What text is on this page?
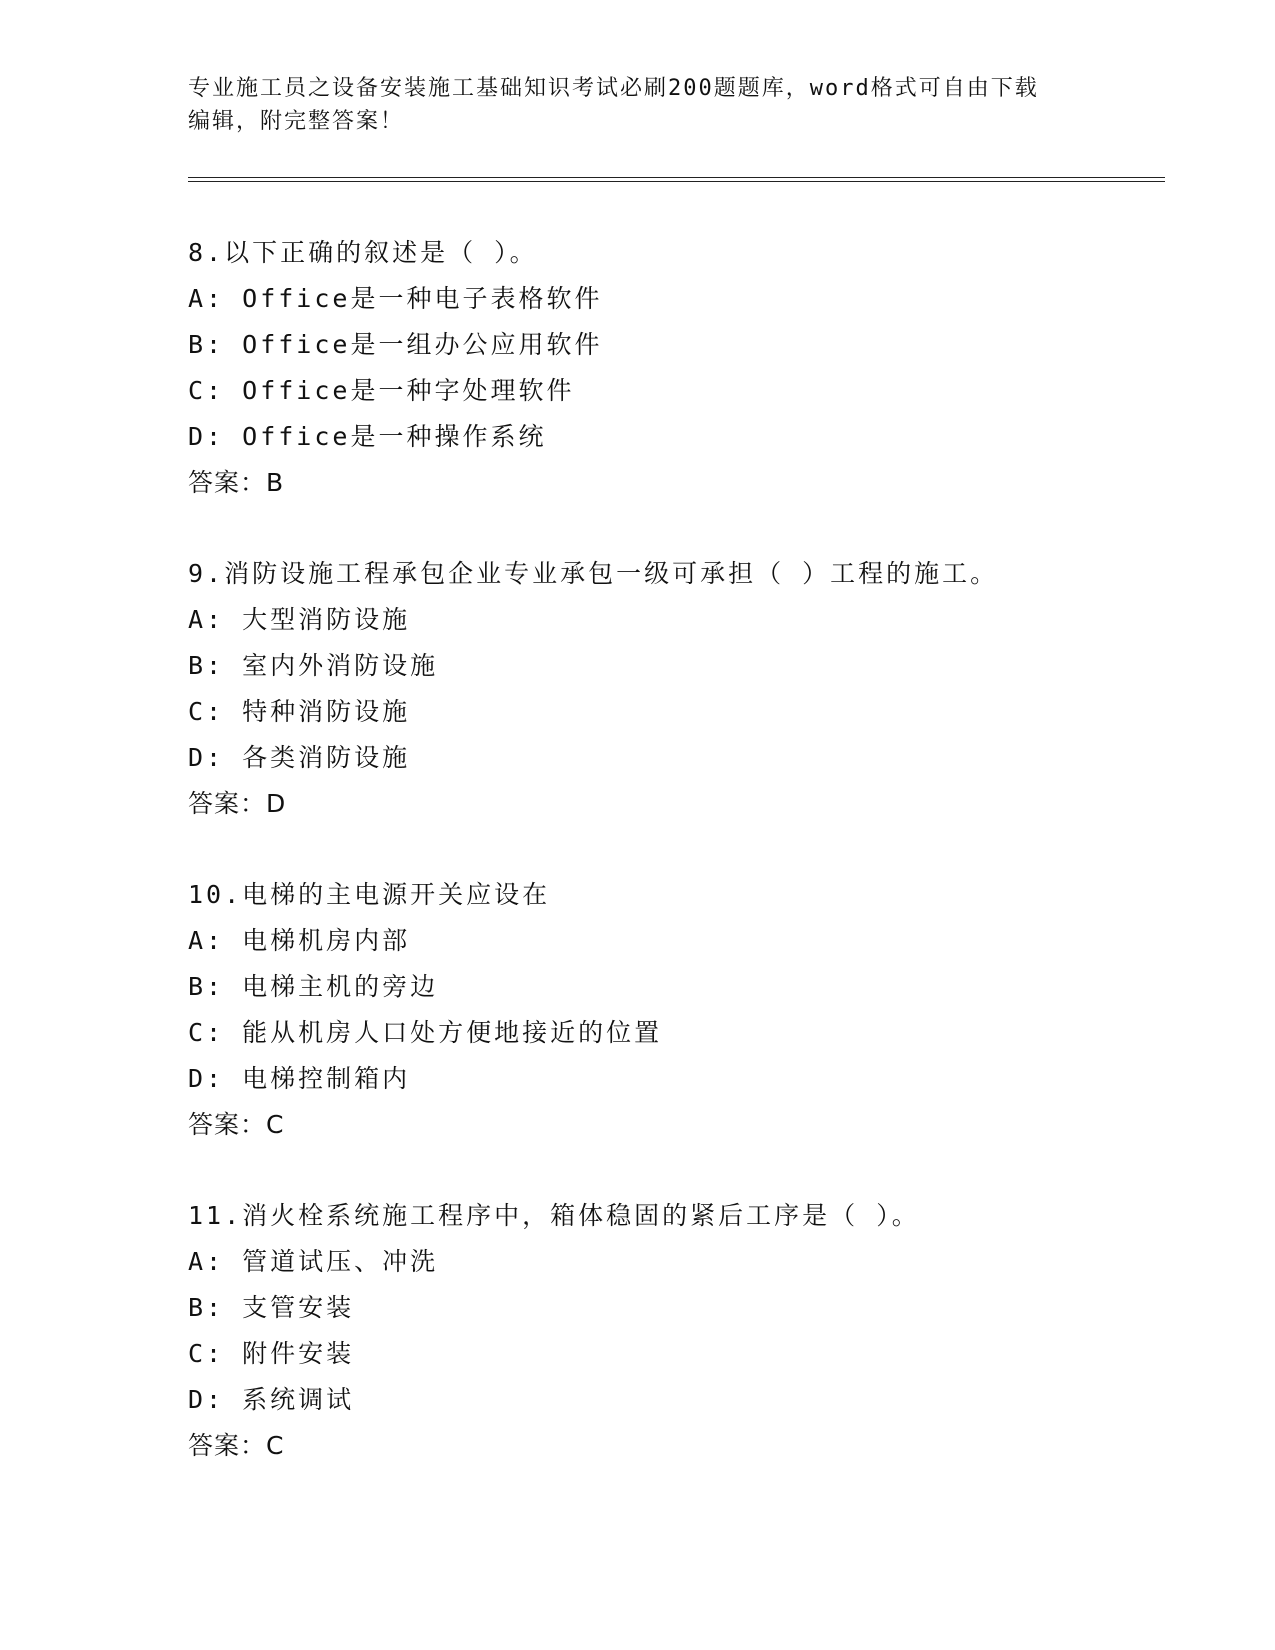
专业施工员之设备安装施工基础知识考试必刷200题题库，word格式可自由下载
编辑，附完整答案！
8.以下正确的叙述是（ ）。
A: Office是一种电子表格软件
B: Office是一组办公应用软件
C: Office是一种字处理软件
D: Office是一种操作系统
答案：B
9.消防设施工程承包企业专业承包一级可承担（ ）工程的施工。
A: 大型消防设施
B: 室内外消防设施
C: 特种消防设施
D: 各类消防设施
答案：D
10.电梯的主电源开关应设在
A: 电梯机房内部
B: 电梯主机的旁边
C: 能从机房人口处方便地接近的位置
D: 电梯控制箱内
答案：C
11.消火栓系统施工程序中，箱体稳固的紧后工序是（ ）。
A: 管道试压、冲洗
B: 支管安装
C: 附件安装
D: 系统调试
答案：C
